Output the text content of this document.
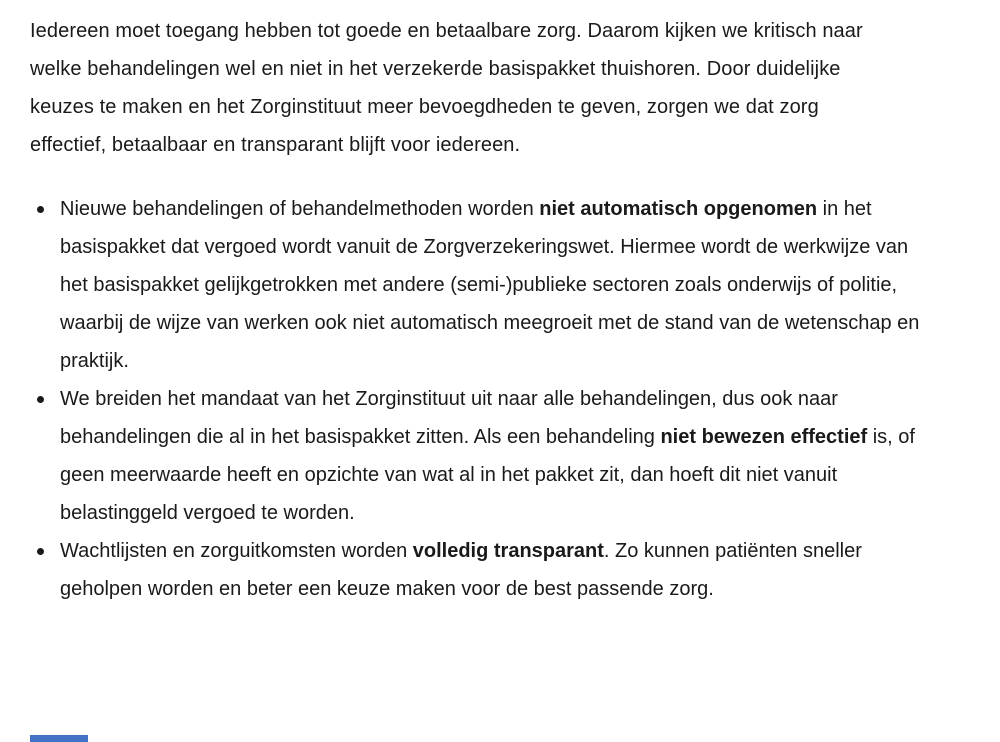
Iedereen moet toegang hebben tot goede en betaalbare zorg. Daarom kijken we kritisch naar welke behandelingen wel en niet in het verzekerde basispakket thuishoren. Door duidelijke keuzes te maken en het Zorginstituut meer bevoegdheden te geven, zorgen we dat zorg effectief, betaalbaar en transparant blijft voor iedereen.

Nieuwe behandelingen of behandelmethoden worden niet automatisch opgenomen in het basispakket dat vergoed wordt vanuit de Zorgverzekeringswet. Hiermee wordt de werkwijze van het basispakket gelijkgetrokken met andere (semi-)publieke sectoren zoals onderwijs of politie, waarbij de wijze van werken ook niet automatisch meegroeit met de stand van de wetenschap en praktijk.
We breiden het mandaat van het Zorginstituut uit naar alle behandelingen, dus ook naar behandelingen die al in het basispakket zitten. Als een behandeling niet bewezen effectief is, of geen meerwaarde heeft en opzichte van wat al in het pakket zit, dan hoeft dit niet vanuit belastinggeld vergoed te worden.
Wachtlijsten en zorguitkomsten worden volledig transparant. Zo kunnen patiënten sneller geholpen worden en beter een keuze maken voor de best passende zorg.
